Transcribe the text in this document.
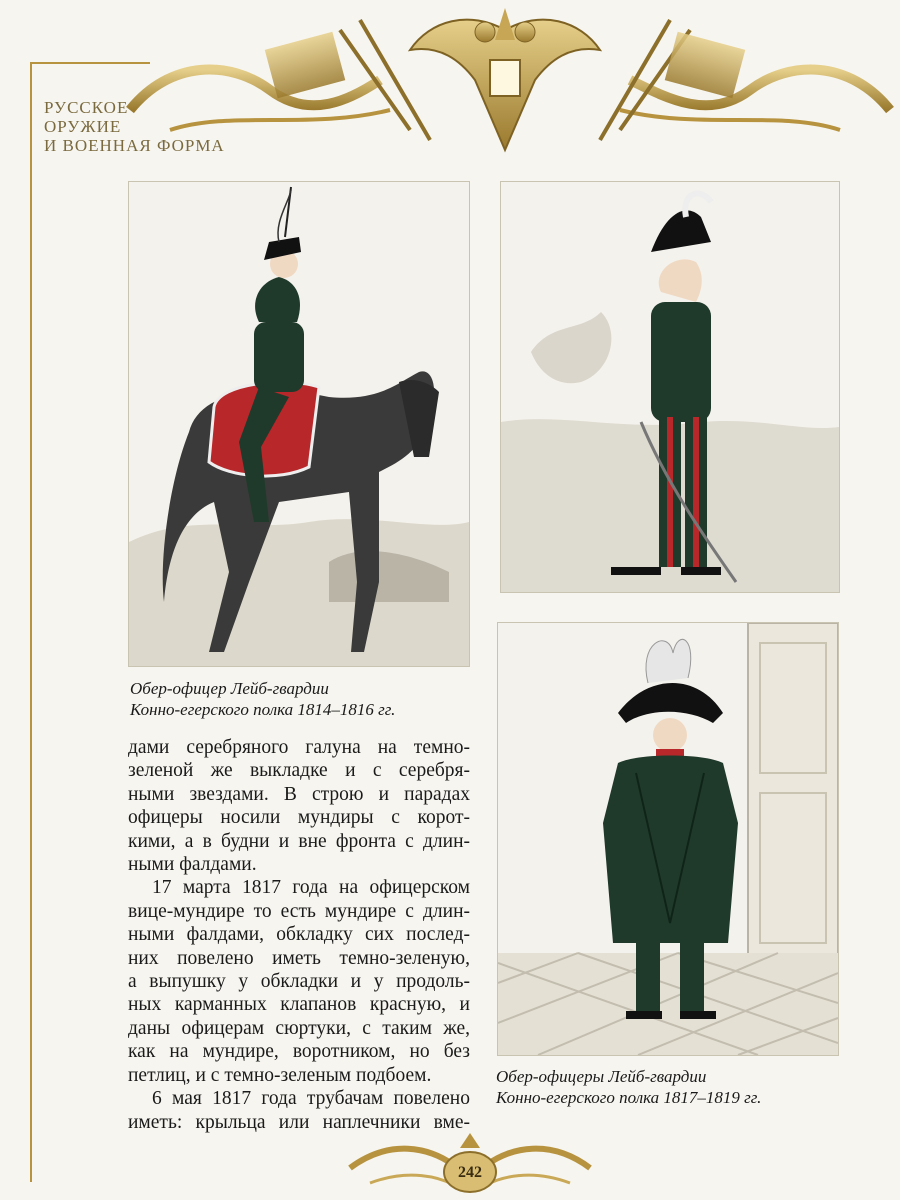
РУССКОЕ
ОРУЖИЕ
И ВОЕННАЯ ФОРМА
Обер-офицер Лейб-гвардии
Конно-егерского полка 1814–1816 гг.
Обер-офицеры Лейб-гвардии
Конно-егерского полка 1817–1819 гг.
дами серебряного галуна на темно-
зеленой же выкладке и с серебря-
ными звездами. В строю и парадах
офицеры носили мундиры с корот-
кими, а в будни и вне фронта с длин-
ными фалдами.
17 марта 1817 года на офицерском
вице-мундире то есть мундире с длин-
ными фалдами, обкладку сих послед-
них повелено иметь темно-зеленую,
а выпушку у обкладки и у продоль-
ных карманных клапанов красную, и
даны офицерам сюртуки, с таким же,
как на мундире, воротником, но без
петлиц, и с темно-зеленым подбоем.
6 мая 1817 года трубачам повелено
иметь: крыльца или наплечники вме-
242
